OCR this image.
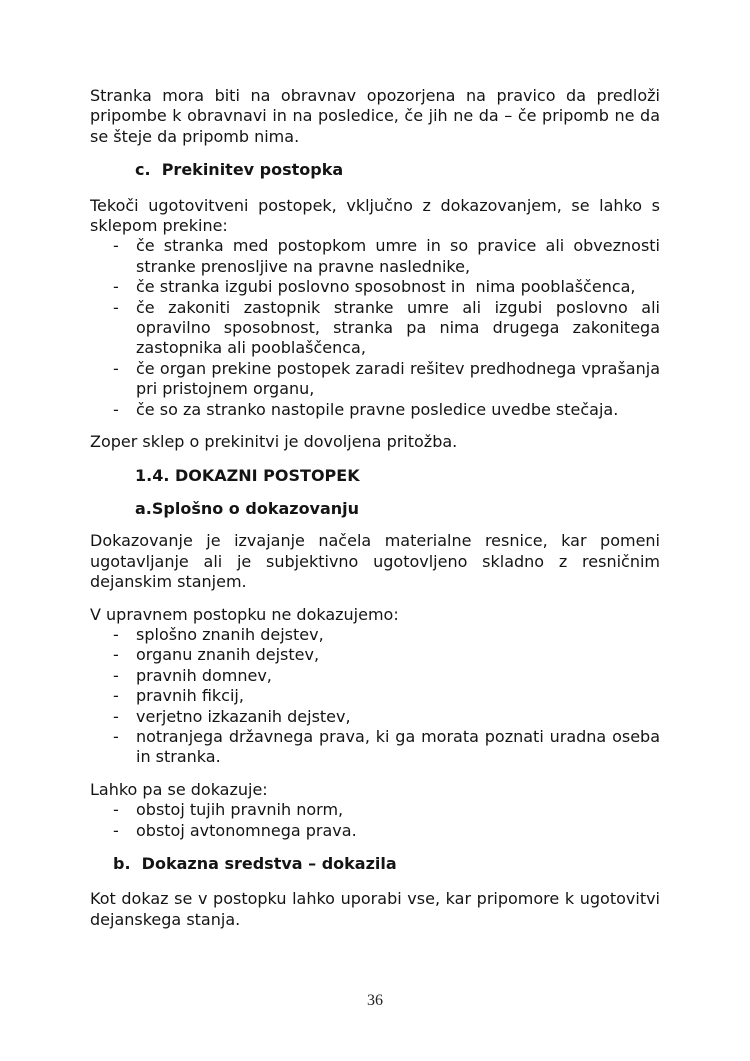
Stranka mora biti na obravnav opozorjena na pravico da predloži pripombe k obravnavi in na posledice, če jih ne da – če pripomb ne da se šteje da pripomb nima.

c.  Prekinitev postopka

Tekoči ugotovitveni postopek, vključno z dokazovanjem, se lahko s sklepom prekine:

- če stranka med postopkom umre in so pravice ali obveznosti stranke prenosljive na pravne naslednike,
- če stranka izgubi poslovno sposobnost in  nima pooblaščenca,
- če zakoniti zastopnik stranke umre ali izgubi poslovno ali opravilno sposobnost, stranka pa nima drugega zakonitega zastopnika ali pooblaščenca,
- če organ prekine postopek zaradi rešitev predhodnega vprašanja pri pristojnem organu,
- če so za stranko nastopile pravne posledice uvedbe stečaja.

Zoper sklep o prekinitvi je dovoljena pritožba.

1.4. DOKAZNI POSTOPEK
a.Splošno o dokazovanju

Dokazovanje je izvajanje načela materialne resnice, kar pomeni ugotavljanje ali je subjektivno ugotovljeno skladno z resničnim dejanskim stanjem.

V upravnem postopku ne dokazujemo:

- splošno znanih dejstev,
- organu znanih dejstev,
- pravnih domnev,
- pravnih fikcij,
- verjetno izkazanih dejstev,
- notranjega državnega prava, ki ga morata poznati uradna oseba in stranka.

Lahko pa se dokazuje:

- obstoj tujih pravnih norm,
- obstoj avtonomnega prava.
b.  Dokazna sredstva – dokazila

Kot dokaz se v postopku lahko uporabi vse, kar pripomore k ugotovitvi dejanskega stanja.

36
